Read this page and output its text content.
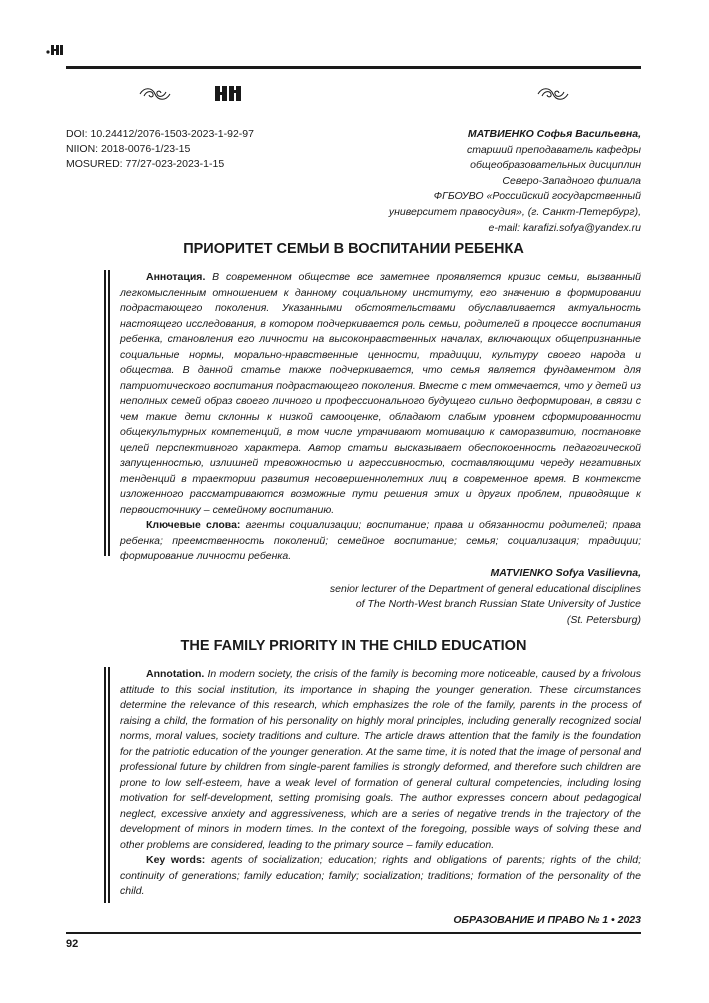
DOI: 10.24412/2076-1503-2023-1-92-97
NIION: 2018-0076-1/23-15
MOSURED: 77/27-023-2023-1-15
МАТВИЕНКО Софья Васильевна,
старший преподаватель кафедры
общеобразовательных дисциплин
Северо-Западного филиала
ФГБОУВО «Российский государственный
университет правосудия», (г. Санкт-Петербург),
e-mail: karafizi.sofya@yandex.ru
ПРИОРИТЕТ СЕМЬИ В ВОСПИТАНИИ РЕБЕНКА

Аннотация. В современном обществе все заметнее проявляется кризис семьи, вызванный легкомысленным отношением к данному социальному институту, его значению в формировании подрастающего поколения. Указанными обстоятельствами обуславливается актуальность настоящего исследования, в котором подчеркивается роль семьи, родителей в процессе воспитания ребенка, становления его личности на высоконравственных началах, включающих общепризнанные социальные нормы, морально-нравственные ценности, традиции, культуру своего народа и общества. В данной статье также подчеркивается, что семья является фундаментом для патриотического воспитания подрастающего поколения. Вместе с тем отмечается, что у детей из неполных семей образ своего личного и профессионального будущего сильно деформирован, в связи с чем такие дети склонны к низкой самооценке, обладают слабым уровнем сформированности общекультурных компетенций, в том числе утрачивают мотивацию к саморазвитию, постановке целей перспективного характера. Автор статьи высказывает обеспокоенность педагогической запущенностью, излишней тревожностью и агрессивностью, составляющими череду негативных тенденций в траектории развития несовершеннолетних лиц в современное время. В контексте изложенного рассматриваются возможные пути решения этих и других проблем, приводящие к первоисточнику – семейному воспитанию.

Ключевые слова: агенты социализации; воспитание; права и обязанности родителей; права ребенка; преемственность поколений; семейное воспитание; семья; социализация; традиции; формирование личности ребенка.

MATVIENKO Sofya Vasilievna,
senior lecturer of the Department of general educational disciplines
of The North-West branch Russian State University of Justice
(St. Petersburg)
THE FAMILY PRIORITY IN THE CHILD EDUCATION

Annotation. In modern society, the crisis of the family is becoming more noticeable, caused by a frivolous attitude to this social institution, its importance in shaping the younger generation. These circumstances determine the relevance of this research, which emphasizes the role of the family, parents in the process of raising a child, the formation of his personality on highly moral principles, including generally recognized social norms, moral values, society traditions and culture. The article draws attention that the family is the foundation for the patriotic education of the younger generation. At the same time, it is noted that the image of personal and professional future by children from single-parent families is strongly deformed, and therefore such children are prone to low self-esteem, have a weak level of formation of general cultural competencies, including losing motivation for self-development, setting promising goals. The author expresses concern about pedagogical neglect, excessive anxiety and aggressiveness, which are a series of negative trends in the trajectory of the development of minors in modern times. In the context of the foregoing, possible ways of solving these and other problems are considered, leading to the primary source – family education.

Key words: agents of socialization; education; rights and obligations of parents; rights of the child; continuity of generations; family education; family; socialization; traditions; formation of the personality of the child.

ОБРАЗОВАНИЕ И ПРАВО № 1 • 2023
92
